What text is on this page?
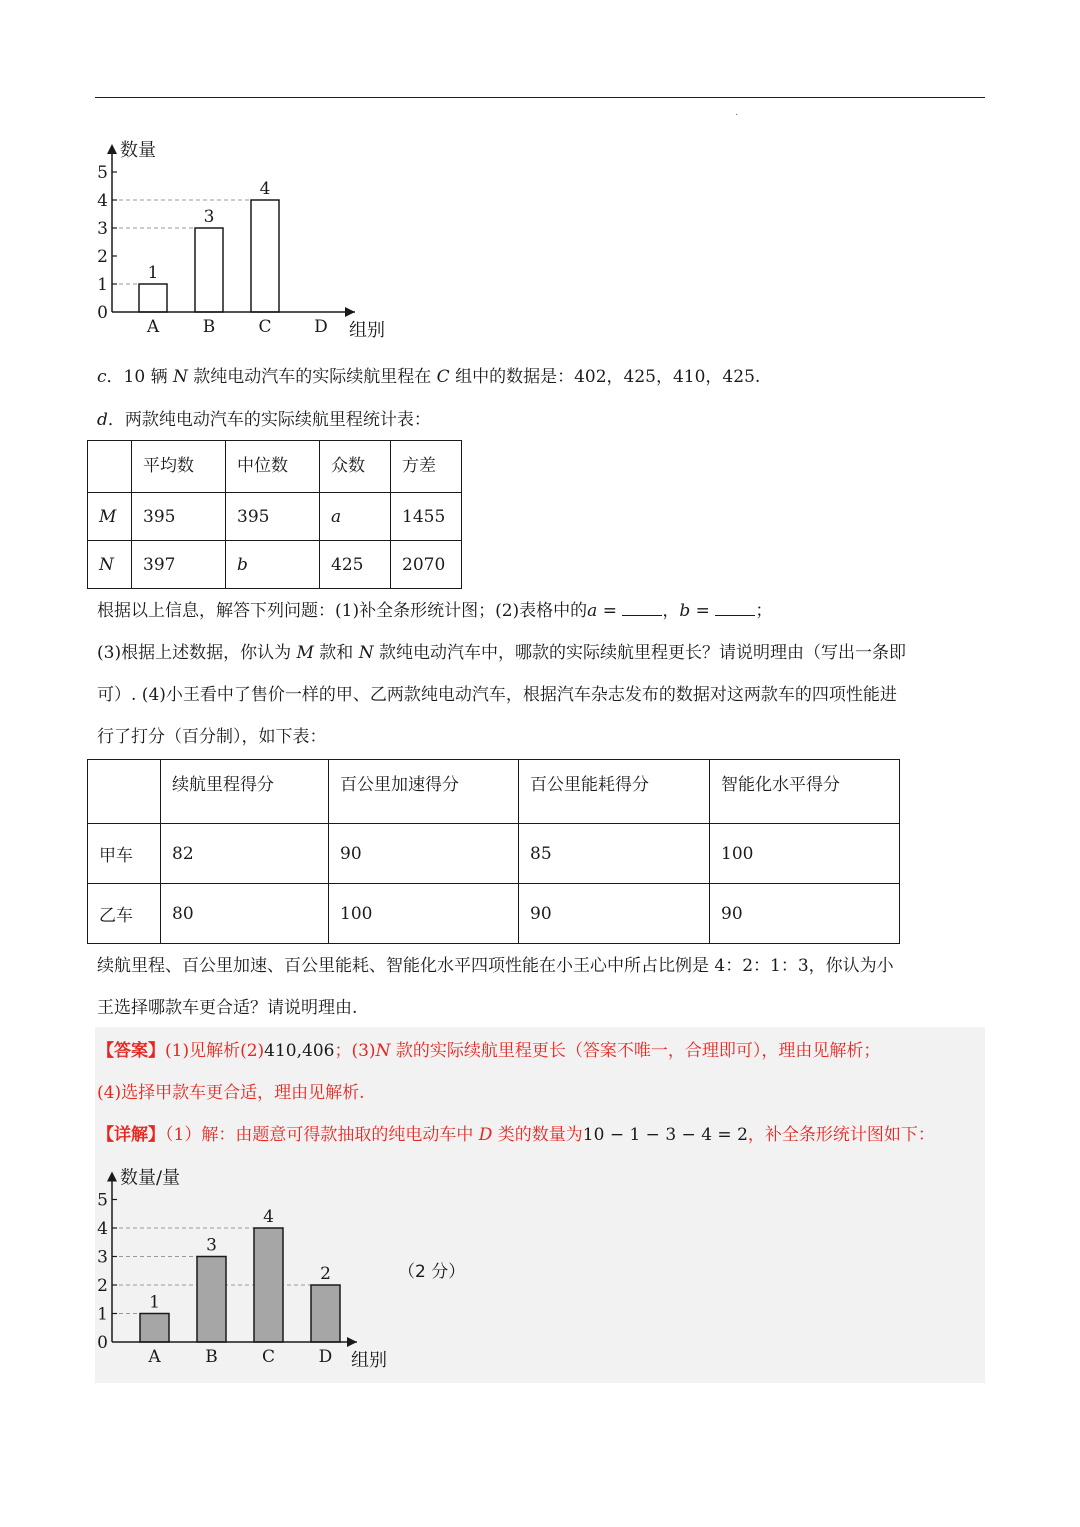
·
1
3
4
0
1
2
3
4
5
A	B	C	D
数量
组别
c．10 辆 N 款纯电动汽车的实际续航里程在 C 组中的数据是：402，425，410，425.
d．两款纯电动汽车的实际续航里程统计表：
	平均数	中位数	众数	方差
M	395	395	a	1455
N	397	b	425	2070
根据以上信息，解答下列问题：(1)补全条形统计图；(2)表格中的a = ，b = ；
(3)根据上述数据，你认为 M 款和 N 款纯电动汽车中，哪款的实际续航里程更长？请说明理由（写出一条即
可）. (4)小王看中了售价一样的甲、乙两款纯电动汽车，根据汽车杂志发布的数据对这两款车的四项性能进
行了打分（百分制），如下表：
	续航里程得分	百公里加速得分	百公里能耗得分	智能化水平得分
甲车	82	90	85	100
乙车	80	100	90	90
续航里程、百公里加速、百公里能耗、智能化水平四项性能在小王心中所占比例是 4：2：1：3，你认为小
王选择哪款车更合适？请说明理由.
【答案】(1)见解析(2)410,406；(3)N 款的实际续航里程更长（答案不唯一，合理即可），理由见解析；
(4)选择甲款车更合适，理由见解析.
【详解】（1）解：由题意可得款抽取的纯电动车中 D 类的数量为10 − 1 − 3 − 4 = 2，补全条形统计图如下：
1
3
4
2
0
1
2
3
4
5
A	B	C	D
数量/量
组别
（2 分）
